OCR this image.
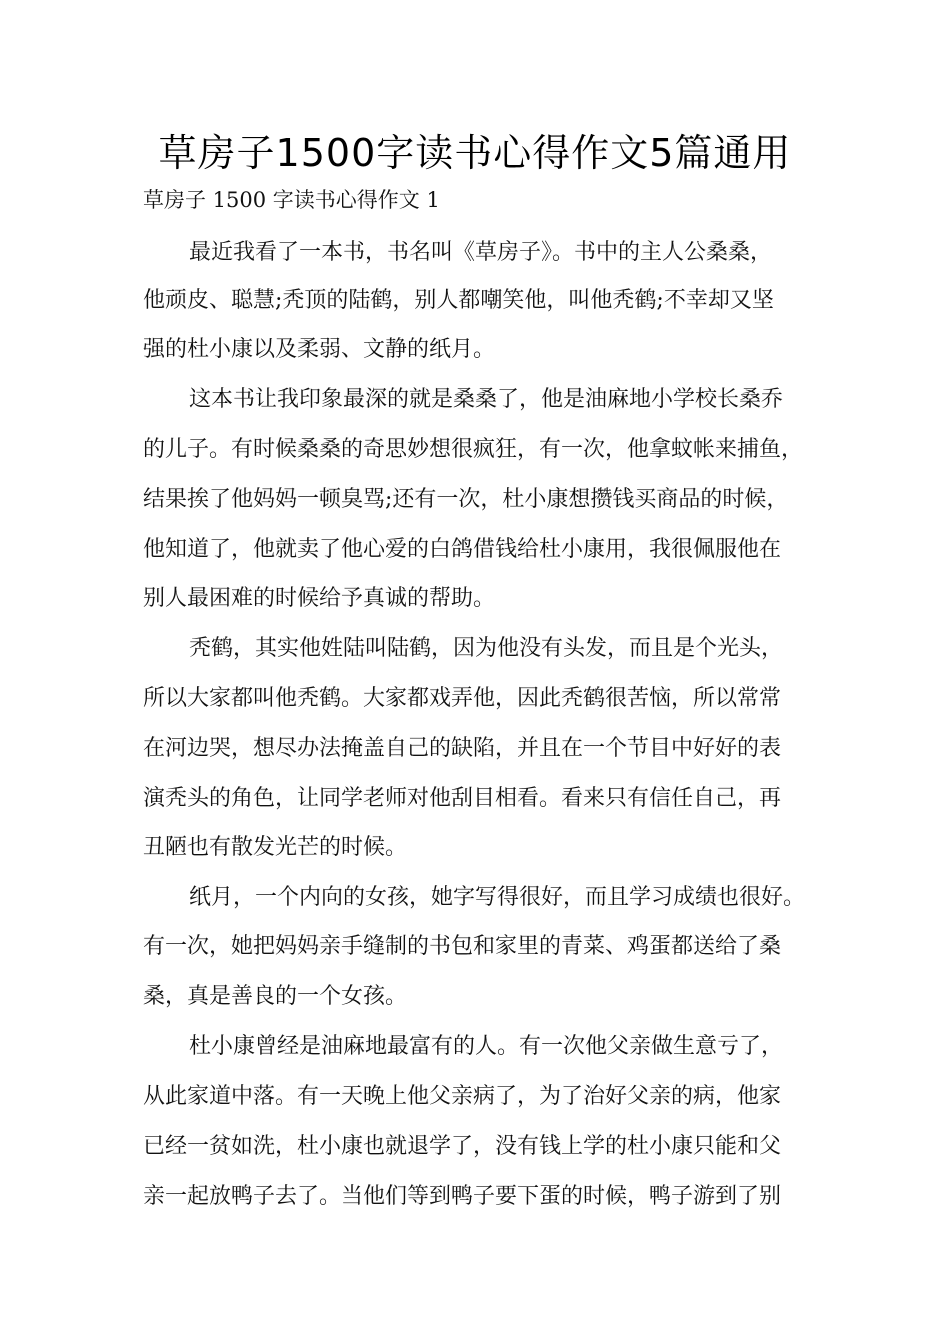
草房子1500字读书心得作文5篇通用

草房子 1500 字读书心得作文 1

最近我看了一本书，书名叫《草房子》。书中的主人公桑桑，

他顽皮、聪慧;秃顶的陆鹤，别人都嘲笑他，叫他秃鹤;不幸却又坚

强的杜小康以及柔弱、文静的纸月。

这本书让我印象最深的就是桑桑了，他是油麻地小学校长桑乔

的儿子。有时候桑桑的奇思妙想很疯狂，有一次，他拿蚊帐来捕鱼，

结果挨了他妈妈一顿臭骂;还有一次，杜小康想攒钱买商品的时候，

他知道了，他就卖了他心爱的白鸽借钱给杜小康用，我很佩服他在

别人最困难的时候给予真诚的帮助。

秃鹤，其实他姓陆叫陆鹤，因为他没有头发，而且是个光头，

所以大家都叫他秃鹤。大家都戏弄他，因此秃鹤很苦恼，所以常常

在河边哭，想尽办法掩盖自己的缺陷，并且在一个节目中好好的表

演秃头的角色，让同学老师对他刮目相看。看来只有信任自己，再

丑陋也有散发光芒的时候。

纸月，一个内向的女孩，她字写得很好，而且学习成绩也很好。

有一次，她把妈妈亲手缝制的书包和家里的青菜、鸡蛋都送给了桑

桑，真是善良的一个女孩。

杜小康曾经是油麻地最富有的人。有一次他父亲做生意亏了，

从此家道中落。有一天晚上他父亲病了，为了治好父亲的病，他家

已经一贫如洗，杜小康也就退学了，没有钱上学的杜小康只能和父

亲一起放鸭子去了。当他们等到鸭子要下蛋的时候，鸭子游到了别
